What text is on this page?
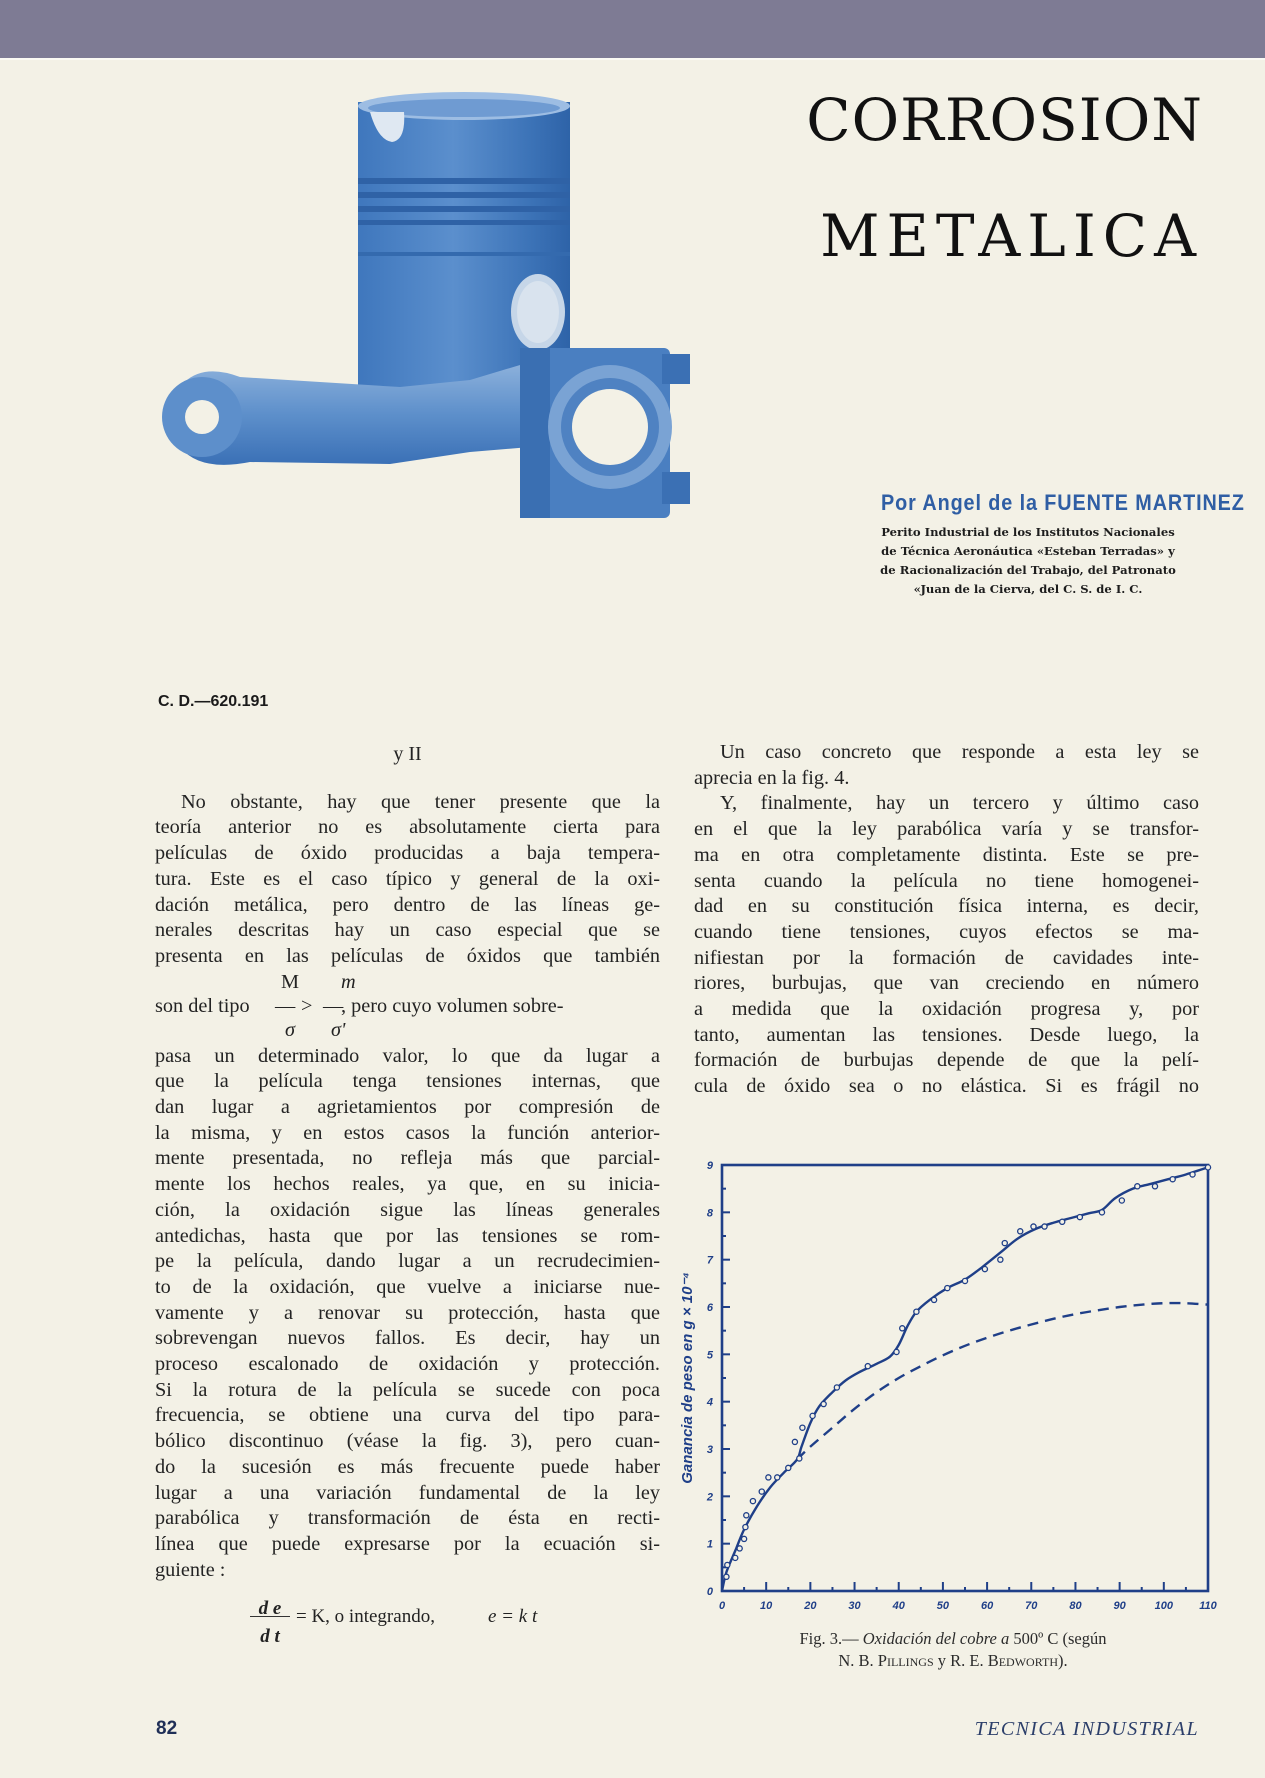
CORROSION
METALICA
Por Angel de la FUENTE MARTINEZ
Perito Industrial de los Institutos Nacionales
de Técnica Aeronáutica «Esteban Terradas» y
de Racionalización del Trabajo, del Patronato
«Juan de la Cierva, del C. S. de I. C.
C. D.—620.191
y II
No obstante, hay que tener presente que la
teoría anterior no es absolutamente cierta para
películas de óxido producidas a baja tempera-
tura. Este es el caso típico y general de la oxi-
dación metálica, pero dentro de las líneas ge-
nerales descritas hay un caso especial que se
presenta en las películas de óxidos que también
M m
son del tipo — > —
, pero cuyo volumen sobre-
σ σ'
pasa un determinado valor, lo que da lugar a
que la película tenga tensiones internas, que
dan lugar a agrietamientos por compresión de
la misma, y en estos casos la función anterior-
mente presentada, no refleja más que parcial-
mente los hechos reales, ya que, en su inicia-
ción, la oxidación sigue las líneas generales
antedichas, hasta que por las tensiones se rom-
pe la película, dando lugar a un recrudecimien-
to de la oxidación, que vuelve a iniciarse nue-
vamente y a renovar su protección, hasta que
sobrevengan nuevos fallos. Es decir, hay un
proceso escalonado de oxidación y protección.
Si la rotura de la película se sucede con poca
frecuencia, se obtiene una curva del tipo para-
bólico discontinuo (véase la fig. 3), pero cuan-
do la sucesión es más frecuente puede haber
lugar a una variación fundamental de la ley
parabólica y transformación de ésta en recti-
línea que puede expresarse por la ecuación si-
guiente :
d e
d t
= K, o integrando,	e = k t
Un caso concreto que responde a esta ley se
aprecia en la fig. 4.
Y, finalmente, hay un tercero y último caso
en el que la ley parabólica varía y se transfor-
ma en otra completamente distinta. Este se pre-
senta cuando la película no tiene homogenei-
dad en su constitución física interna, es decir,
cuando tiene tensiones, cuyos efectos se ma-
nifiestan por la formación de cavidades inte-
riores, burbujas, que van creciendo en número
a medida que la oxidación progresa y, por
tanto, aumentan las tensiones. Desde luego, la
formación de burbujas depende de que la pelí-
cula de óxido sea o no elástica. Si es frágil no
0	10	20	30	40	50	60	70	80	90	100 110
0
1
2
3
4
5
6
7
8
9
Ganancia de peso en g × 10⁻⁴
Fig. 3.— Oxidación del cobre a 500º C (según
N. B. Pillings y R. E. Bedworth).
82	TECNICA INDUSTRIAL
